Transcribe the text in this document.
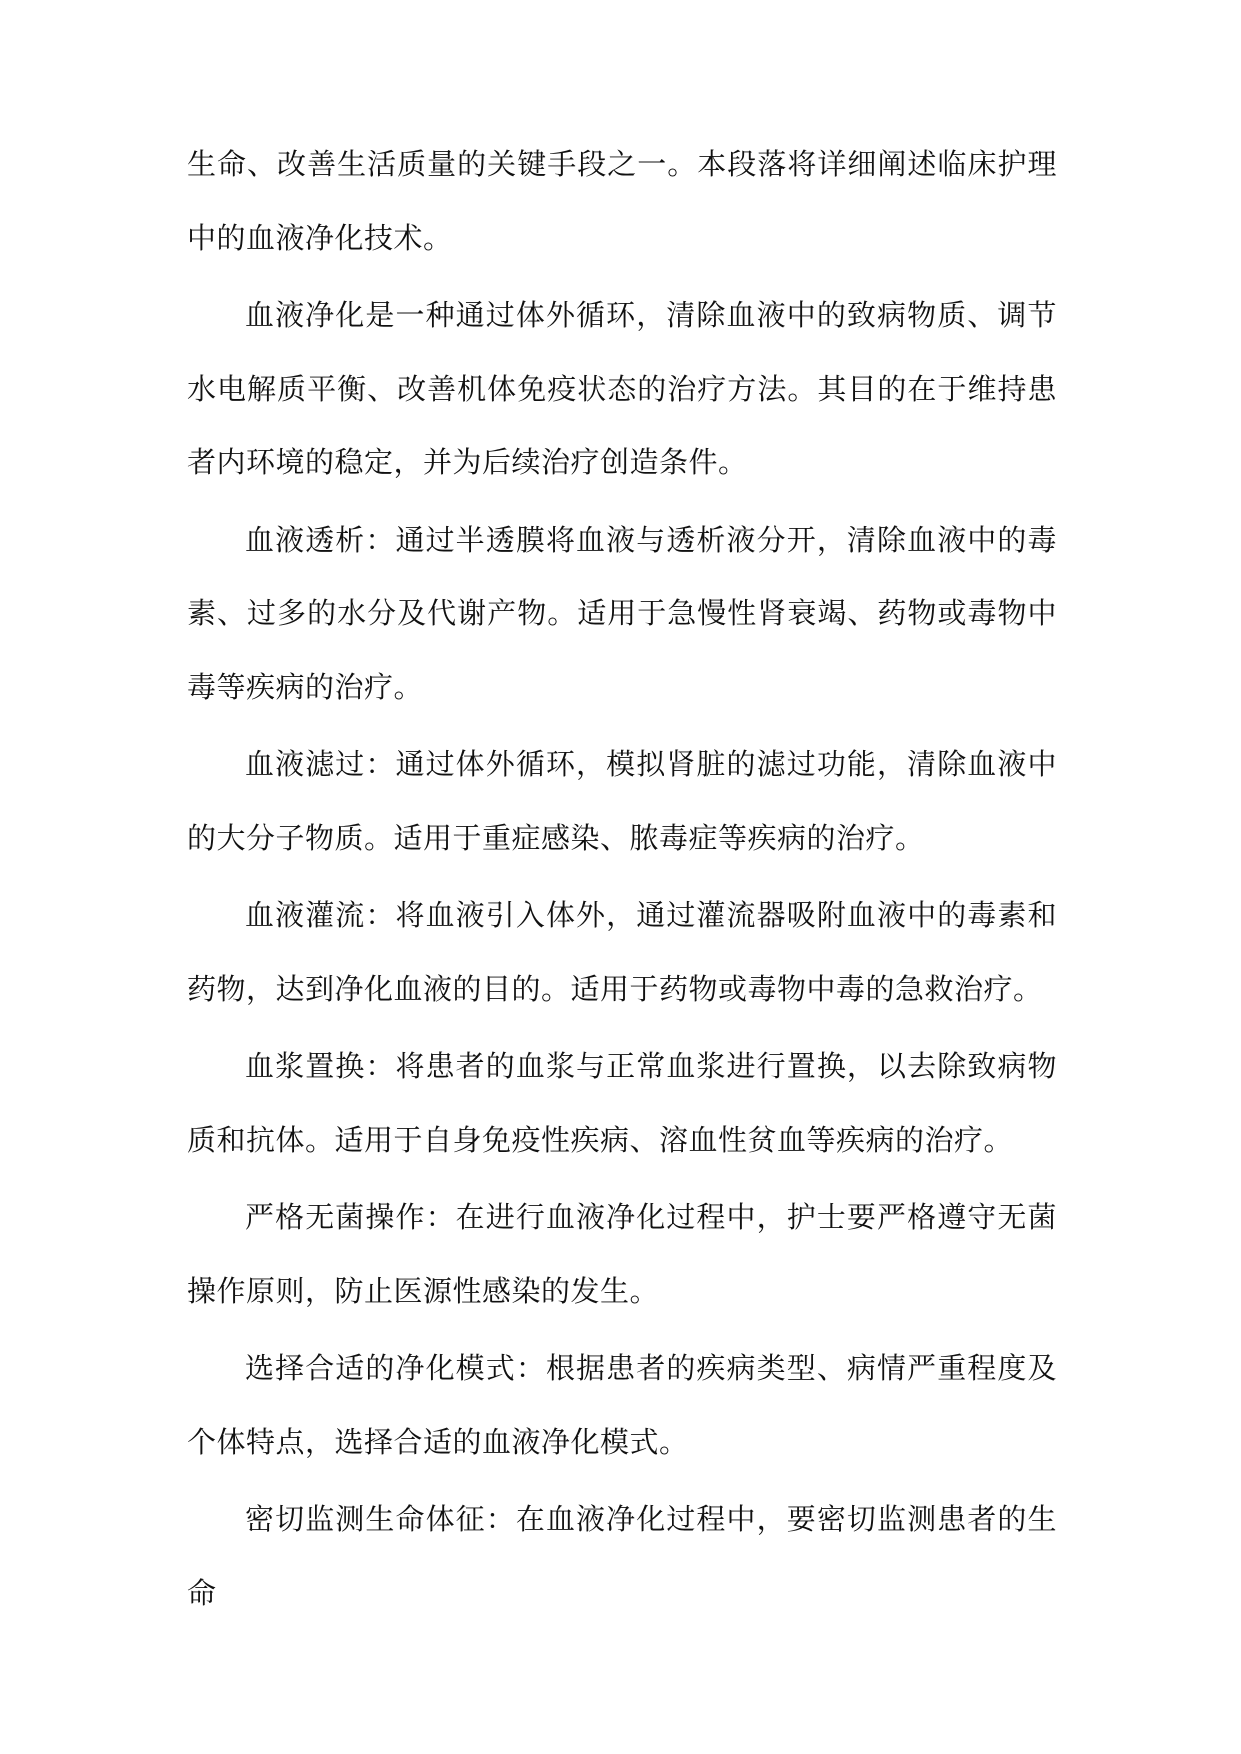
生命、改善生活质量的关键手段之一。本段落将详细阐述临床护理中的血液净化技术。

血液净化是一种通过体外循环，清除血液中的致病物质、调节水电解质平衡、改善机体免疫状态的治疗方法。其目的在于维持患者内环境的稳定，并为后续治疗创造条件。

血液透析：通过半透膜将血液与透析液分开，清除血液中的毒素、过多的水分及代谢产物。适用于急慢性肾衰竭、药物或毒物中毒等疾病的治疗。

血液滤过：通过体外循环，模拟肾脏的滤过功能，清除血液中的大分子物质。适用于重症感染、脓毒症等疾病的治疗。

血液灌流：将血液引入体外，通过灌流器吸附血液中的毒素和药物，达到净化血液的目的。适用于药物或毒物中毒的急救治疗。

血浆置换：将患者的血浆与正常血浆进行置换，以去除致病物质和抗体。适用于自身免疫性疾病、溶血性贫血等疾病的治疗。

严格无菌操作：在进行血液净化过程中，护士要严格遵守无菌操作原则，防止医源性感染的发生。

选择合适的净化模式：根据患者的疾病类型、病情严重程度及个体特点，选择合适的血液净化模式。

密切监测生命体征：在血液净化过程中，要密切监测患者的生命
